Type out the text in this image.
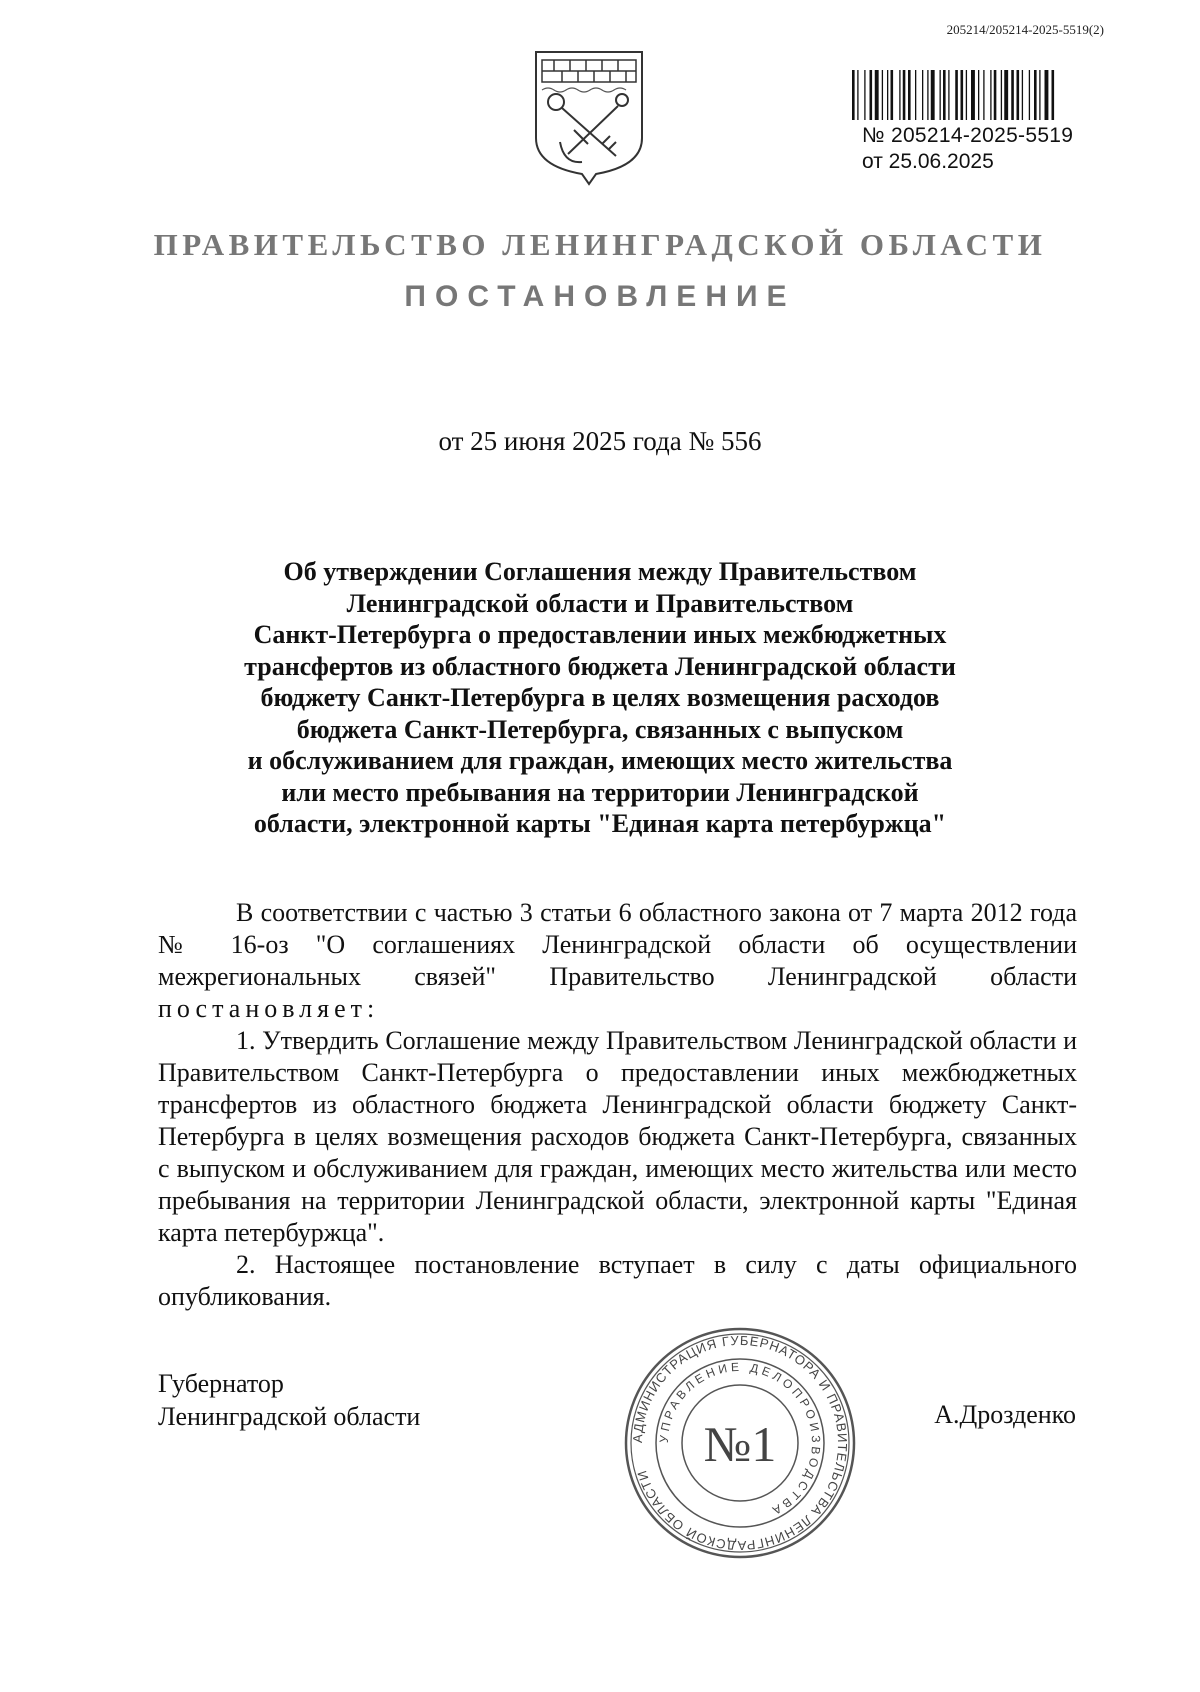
205214/205214-2025-5519(2)
№ 205214-2025-5519
от 25.06.2025
ПРАВИТЕЛЬСТВО ЛЕНИНГРАДСКОЙ ОБЛАСТИ
ПОСТАНОВЛЕНИЕ
от 25 июня 2025 года № 556
Об утверждении Соглашения между Правительством
Ленинградской области и Правительством
Санкт-Петербурга о предоставлении иных межбюджетных
трансфертов из областного бюджета Ленинградской области
бюджету Санкт-Петербурга в целях возмещения расходов
бюджета Санкт-Петербурга, связанных с выпуском
и обслуживанием для граждан, имеющих место жительства
или место пребывания на территории Ленинградской
области, электронной карты "Единая карта петербуржца"

В соответствии с частью 3 статьи 6 областного закона от 7 марта 2012 года № 16-оз "О соглашениях Ленинградской области об осуществлении межрегиональных связей" Правительство Ленинградской области постановляет:

1. Утвердить Соглашение между Правительством Ленинградской области и Правительством Санкт-Петербурга о предоставлении иных межбюджетных трансфертов из областного бюджета Ленинградской области бюджету Санкт-Петербурга в целях возмещения расходов бюджета Санкт-Петербурга, связанных с выпуском и обслуживанием для граждан, имеющих место жительства или место пребывания на территории Ленинградской области, электронной карты "Единая карта петербуржца".

2. Настоящее постановление вступает в силу с даты официального опубликования.

Губернатор
Ленинградской области
АДМИНИСТРАЦИЯ ГУБЕРНАТОРА И ПРАВИТЕЛЬСТВА ЛЕНИНГРАДСКОЙ ОБЛАСТИ
УПРАВЛЕНИЕ ДЕЛОПРОИЗВОДСТВА
№1
А.Дрозденко
